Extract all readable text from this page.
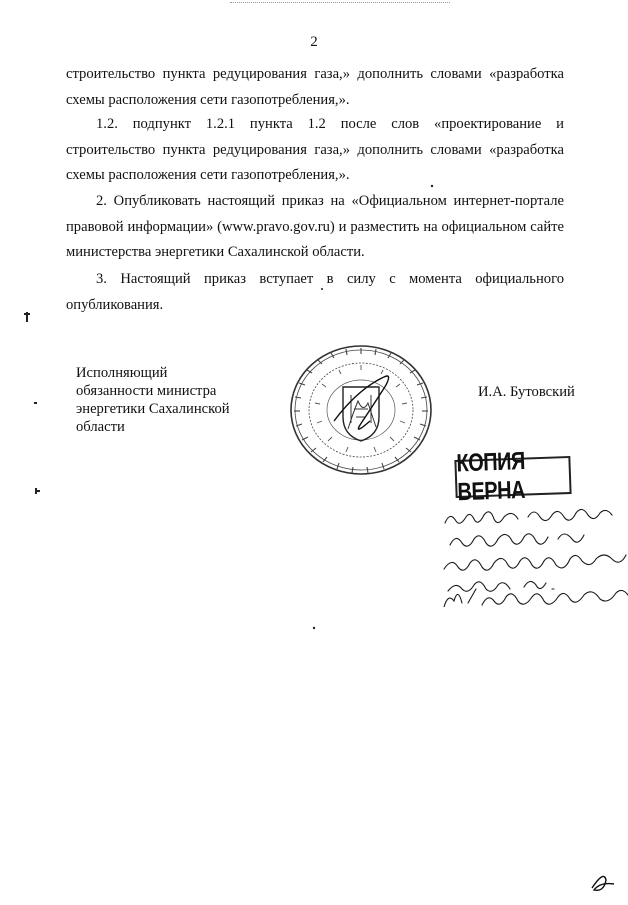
2

строительство пункта редуцирования газа,» дополнить словами «разработка схемы расположения сети газопотребления,».

1.2. подпункт 1.2.1 пункта 1.2 после слов «проектирование и строительство пункта редуцирования газа,» дополнить словами «разработка схемы расположения сети газопотребления,».

2. Опубликовать настоящий приказ на «Официальном интернет-портале правовой информации» (www.pravo.gov.ru) и разместить на официальном сайте министерства энергетики Сахалинской области.

3. Настоящий приказ вступает в силу с момента официального опубликования.

Исполняющий
обязанности министра
энергетики Сахалинской
области
И.А. Бутовский
КОПИЯ ВЕРНА
